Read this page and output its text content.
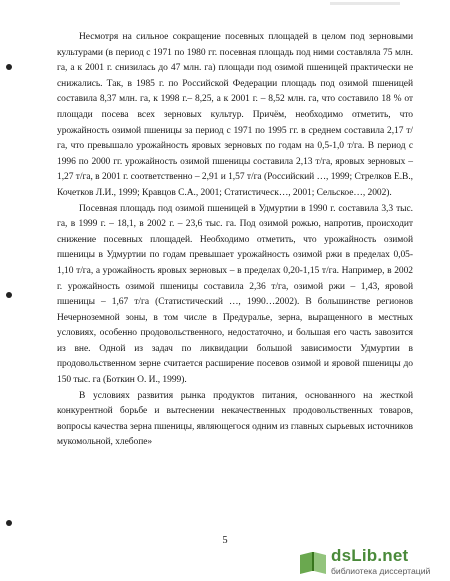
Несмотря на сильное сокращение посевных площадей в целом под зерновыми культурами (в период с 1971 по 1980 гг. посевная площадь под ними составляла 75 млн. га, а к 2001 г. снизилась до 47 млн. га) площади под озимой пшеницей практически не снижались. Так, в 1985 г. по Российской Федерации площадь под озимой пшеницей составила 8,37 млн. га, к 1998 г.– 8,25, а к 2001 г. – 8,52 млн. га, что составило 18 % от площади посева всех зерновых культур. Причём, необходимо отметить, что урожайность озимой пшеницы за период с 1971 по 1995 гг. в среднем составила 2,17 т/га, что превышало урожайность яровых зерновых по годам на 0,5-1,0 т/га. В период с 1996 по 2000 гг. урожайность озимой пшеницы составила 2,13 т/га, яровых зерновых – 1,27 т/га, в 2001 г. соответственно – 2,91 и 1,57 т/га (Российский …, 1999; Стрелков Е.В., Кочетков Л.И., 1999; Кравцов С.А., 2001; Статистическ…, 2001; Сельское…, 2002).

Посевная площадь под озимой пшеницей в Удмуртии в 1990 г. составила 3,3 тыс. га, в 1999 г. – 18,1, в 2002 г. – 23,6 тыс. га. Под озимой рожью, напротив, происходит снижение посевных площадей. Необходимо отметить, что урожайность озимой пшеницы в Удмуртии по годам превышает урожайность озимой ржи в пределах 0,05-1,10 т/га, а урожайность яровых зерновых – в пределах 0,20-1,15 т/га. Например, в 2002 г. урожайность озимой пшеницы составила 2,36 т/га, озимой ржи – 1,43, яровой пшеницы – 1,67 т/га (Статистический …, 1990…2002). В большинстве регионов Нечерноземной зоны, в том числе в Предуралье, зерна, выращенного в местных условиях, особенно продовольственного, недостаточно, и большая его часть завозится из вне. Одной из задач по ликвидации большой зависимости Удмуртии в продовольственном зерне считается расширение посевов озимой и яровой пшеницы до 150 тыс. га (Боткин О. И., 1999).

В условиях развития рынка продуктов питания, основанного на жесткой конкурентной борьбе и вытеснении некачественных продовольственных товаров, вопросы качества зерна пшеницы, являющегося одним из главных сырьевых источников мукомольной, хлебопе»

5
dsLib.net
библиотека диссертаций
